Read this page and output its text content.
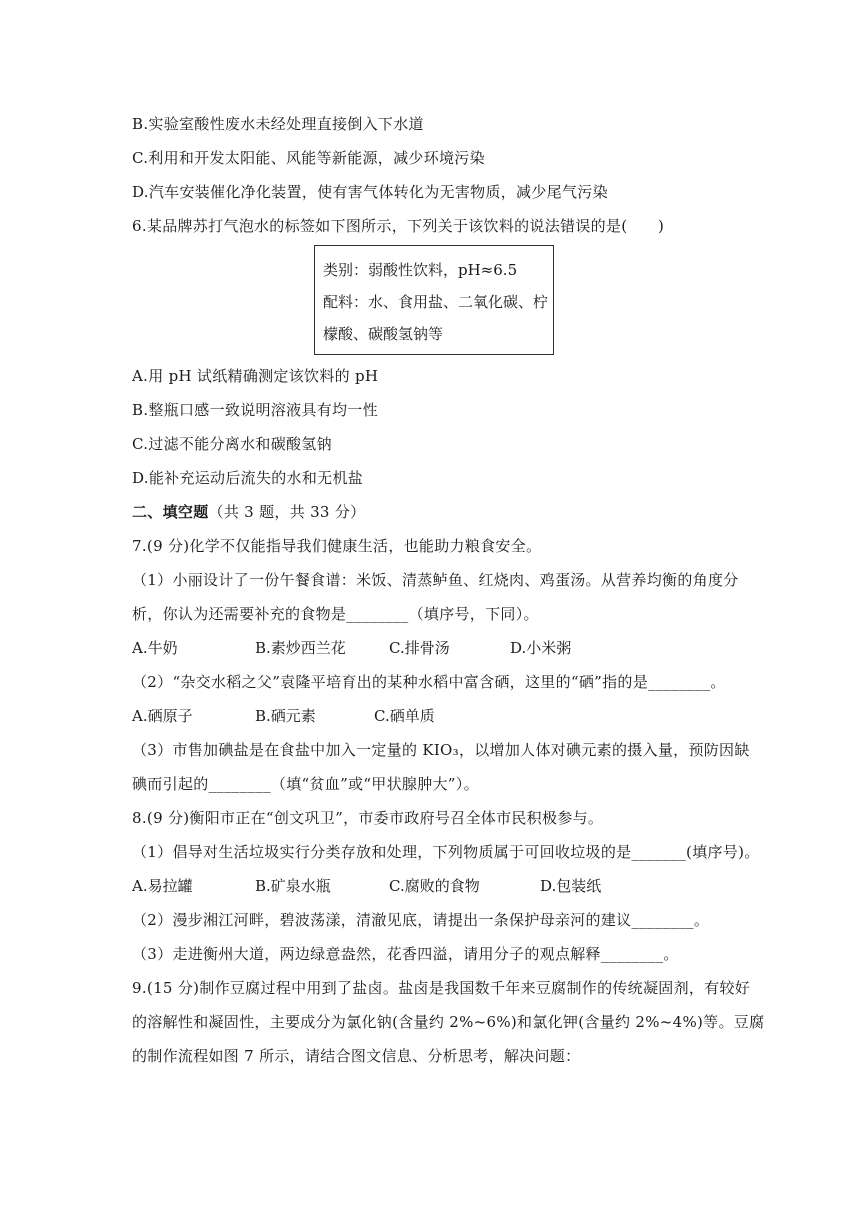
B.实验室酸性废水未经处理直接倒入下水道
C.利用和开发太阳能、风能等新能源，减少环境污染
D.汽车安装催化净化装置，使有害气体转化为无害物质，减少尾气污染
6.某品牌苏打气泡水的标签如下图所示，下列关于该饮料的说法错误的是(　　)
类别：弱酸性饮料，pH≈6.5
配料：水、食用盐、二氧化碳、柠
檬酸、碳酸氢钠等
A.用 pH 试纸精确测定该饮料的 pH
B.整瓶口感一致说明溶液具有均一性
C.过滤不能分离水和碳酸氢钠
D.能补充运动后流失的水和无机盐
二、填空题（共 3 题，共 33 分）
7.(9 分)化学不仅能指导我们健康生活，也能助力粮食安全。
（1）小丽设计了一份午餐食谱：米饭、清蒸鲈鱼、红烧肉、鸡蛋汤。从营养均衡的角度分
析，你认为还需要补充的食物是________（填序号，下同）。
A.牛奶	B.素炒西兰花	C.排骨汤	D.小米粥
（2）“杂交水稻之父”袁隆平培育出的某种水稻中富含硒，这里的“硒”指的是________。
A.硒原子	B.硒元素	C.硒单质
（3）市售加碘盐是在食盐中加入一定量的 KIO₃，以增加人体对碘元素的摄入量，预防因缺
碘而引起的________（填“贫血”或“甲状腺肿大”）。
8.(9 分)衡阳市正在“创文巩卫”，市委市政府号召全体市民积极参与。
（1）倡导对生活垃圾实行分类存放和处理，下列物质属于可回收垃圾的是_______(填序号)。
A.易拉罐	B.矿泉水瓶	C.腐败的食物	D.包装纸
（2）漫步湘江河畔，碧波荡漾，清澈见底，请提出一条保护母亲河的建议________。
（3）走进衡州大道，两边绿意盎然，花香四溢，请用分子的观点解释________。
9.(15 分)制作豆腐过程中用到了盐卤。盐卤是我国数千年来豆腐制作的传统凝固剂，有较好
的溶解性和凝固性，主要成分为氯化钠(含量约 2%~6%)和氯化钾(含量约 2%~4%)等。豆腐
的制作流程如图 7 所示，请结合图文信息、分析思考，解决问题：
